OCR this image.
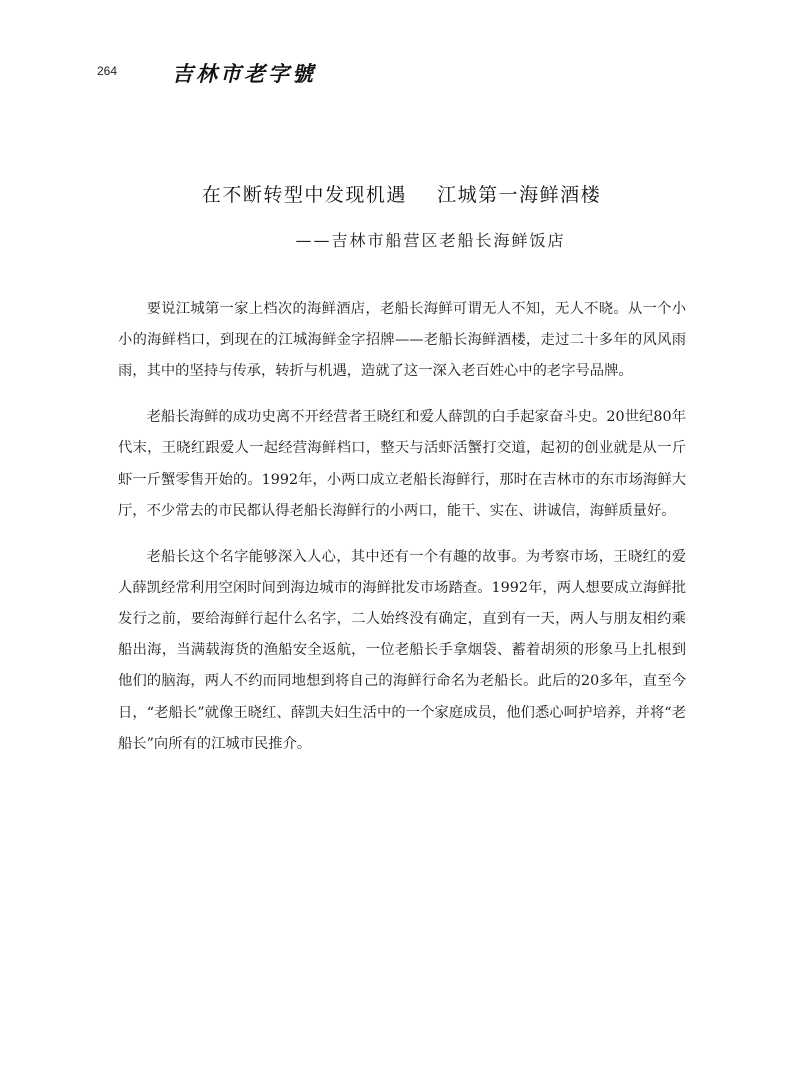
264	吉林市老字號
在不断转型中发现机遇    江城第一海鲜酒楼
——吉林市船营区老船长海鲜饭店

要说江城第一家上档次的海鲜酒店，老船长海鲜可谓无人不知，无人不晓。从一个小小的海鲜档口，到现在的江城海鲜金字招牌——老船长海鲜酒楼，走过二十多年的风风雨雨，其中的坚持与传承，转折与机遇，造就了这一深入老百姓心中的老字号品牌。

老船长海鲜的成功史离不开经营者王晓红和爱人薛凯的白手起家奋斗史。20世纪80年代末，王晓红跟爱人一起经营海鲜档口，整天与活虾活蟹打交道，起初的创业就是从一斤虾一斤蟹零售开始的。1992年，小两口成立老船长海鲜行，那时在吉林市的东市场海鲜大厅，不少常去的市民都认得老船长海鲜行的小两口，能干、实在、讲诚信，海鲜质量好。

老船长这个名字能够深入人心，其中还有一个有趣的故事。为考察市场，王晓红的爱人薛凯经常利用空闲时间到海边城市的海鲜批发市场踏查。1992年，两人想要成立海鲜批发行之前，要给海鲜行起什么名字，二人始终没有确定，直到有一天，两人与朋友相约乘船出海，当满载海货的渔船安全返航，一位老船长手拿烟袋、蓄着胡须的形象马上扎根到他们的脑海，两人不约而同地想到将自己的海鲜行命名为老船长。此后的20多年，直至今日，“老船长”就像王晓红、薛凯夫妇生活中的一个家庭成员，他们悉心呵护培养，并将“老船长”向所有的江城市民推介。
